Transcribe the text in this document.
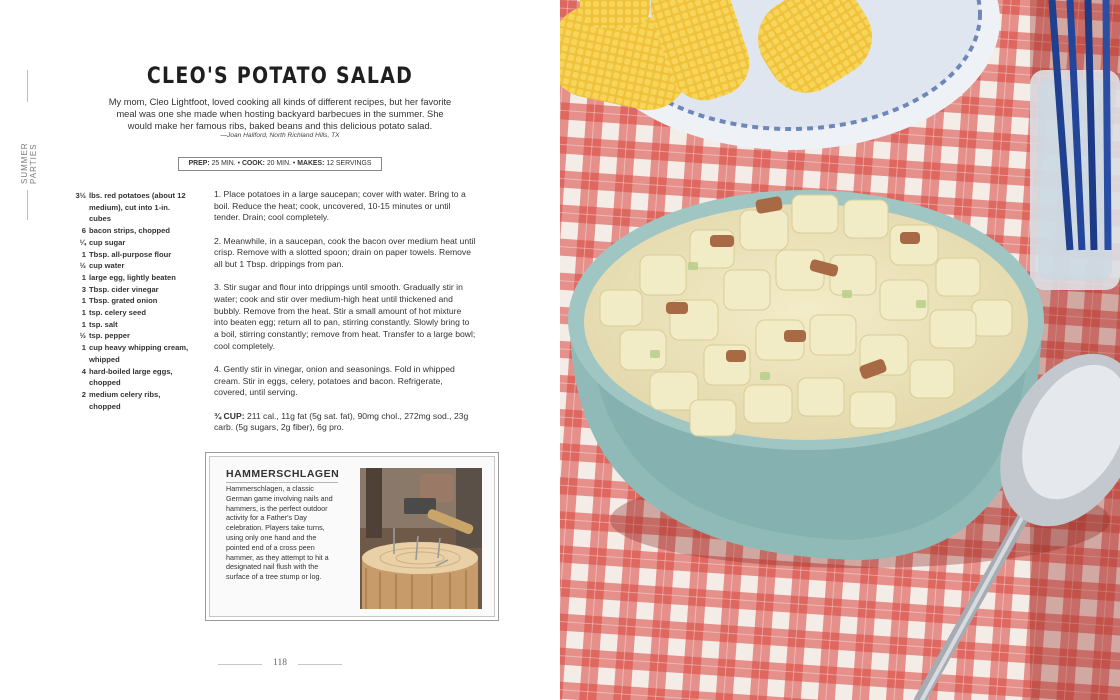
SUMMER PARTIES
CLEO'S POTATO SALAD
My mom, Cleo Lightfoot, loved cooking all kinds of different recipes, but her favorite meal was one she made when hosting backyard barbecues in the summer. She would make her famous ribs, baked beans and this delicious potato salad.
—Joan Hallford, North Richland Hills, TX
PREP: 25 MIN. • COOK: 20 MIN. • MAKES: 12 SERVINGS
3½ lbs. red potatoes (about 12 medium), cut into 1-in. cubes
6 bacon strips, chopped
¼ cup sugar
1 Tbsp. all-purpose flour
½ cup water
1 large egg, lightly beaten
3 Tbsp. cider vinegar
1 Tbsp. grated onion
1 tsp. celery seed
1 tsp. salt
½ tsp. pepper
1 cup heavy whipping cream, whipped
4 hard-boiled large eggs, chopped
2 medium celery ribs, chopped

1. Place potatoes in a large saucepan; cover with water. Bring to a boil. Reduce the heat; cook, uncovered, 10-15 minutes or until tender. Drain; cool completely.

2. Meanwhile, in a saucepan, cook the bacon over medium heat until crisp. Remove with a slotted spoon; drain on paper towels. Remove all but 1 Tbsp. drippings from pan.

3. Stir sugar and flour into drippings until smooth. Gradually stir in water; cook and stir over medium-high heat until thickened and bubbly. Remove from the heat. Stir a small amount of hot mixture into beaten egg; return all to pan, stirring constantly. Slowly bring to a boil, stirring constantly; remove from heat. Transfer to a large bowl; cool completely.

4. Gently stir in vinegar, onion and seasonings. Fold in whipped cream. Stir in eggs, celery, potatoes and bacon. Refrigerate, covered, until serving.

¾ CUP: 211 cal., 11g fat (5g sat. fat), 90mg chol., 272mg sod., 23g carb. (5g sugars, 2g fiber), 6g pro.

HAMMERSCHLAGEN
Hammerschlagen, a classic German game involving nails and hammers, is the perfect outdoor activity for a Father's Day celebration. Players take turns, using only one hand and the pointed end of a cross peen hammer, as they attempt to hit a designated nail flush with the surface of a tree stump or log.
118
